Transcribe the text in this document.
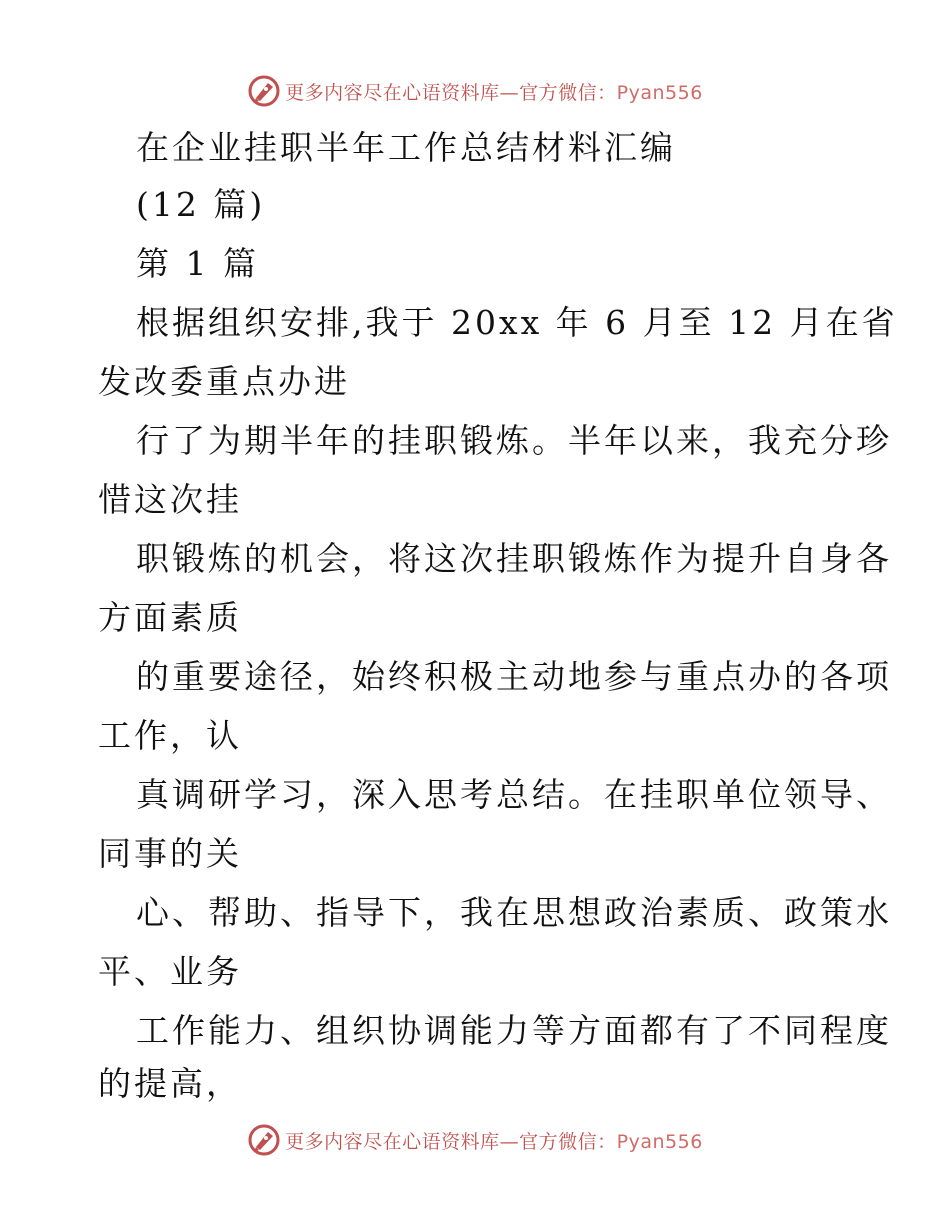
更多内容尽在心语资料库—官方微信：Pyan556
在企业挂职半年工作总结材料汇编
(12 篇)
第 1 篇
根据组织安排,我于 20xx 年 6 月至 12 月在省
发改委重点办进
行了为期半年的挂职锻炼。半年以来，我充分珍
惜这次挂
职锻炼的机会，将这次挂职锻炼作为提升自身各
方面素质
的重要途径，始终积极主动地参与重点办的各项
工作，认
真调研学习，深入思考总结。在挂职单位领导、
同事的关
心、帮助、指导下，我在思想政治素质、政策水
平、业务
工作能力、组织协调能力等方面都有了不同程度
的提高，
更多内容尽在心语资料库—官方微信：Pyan556
